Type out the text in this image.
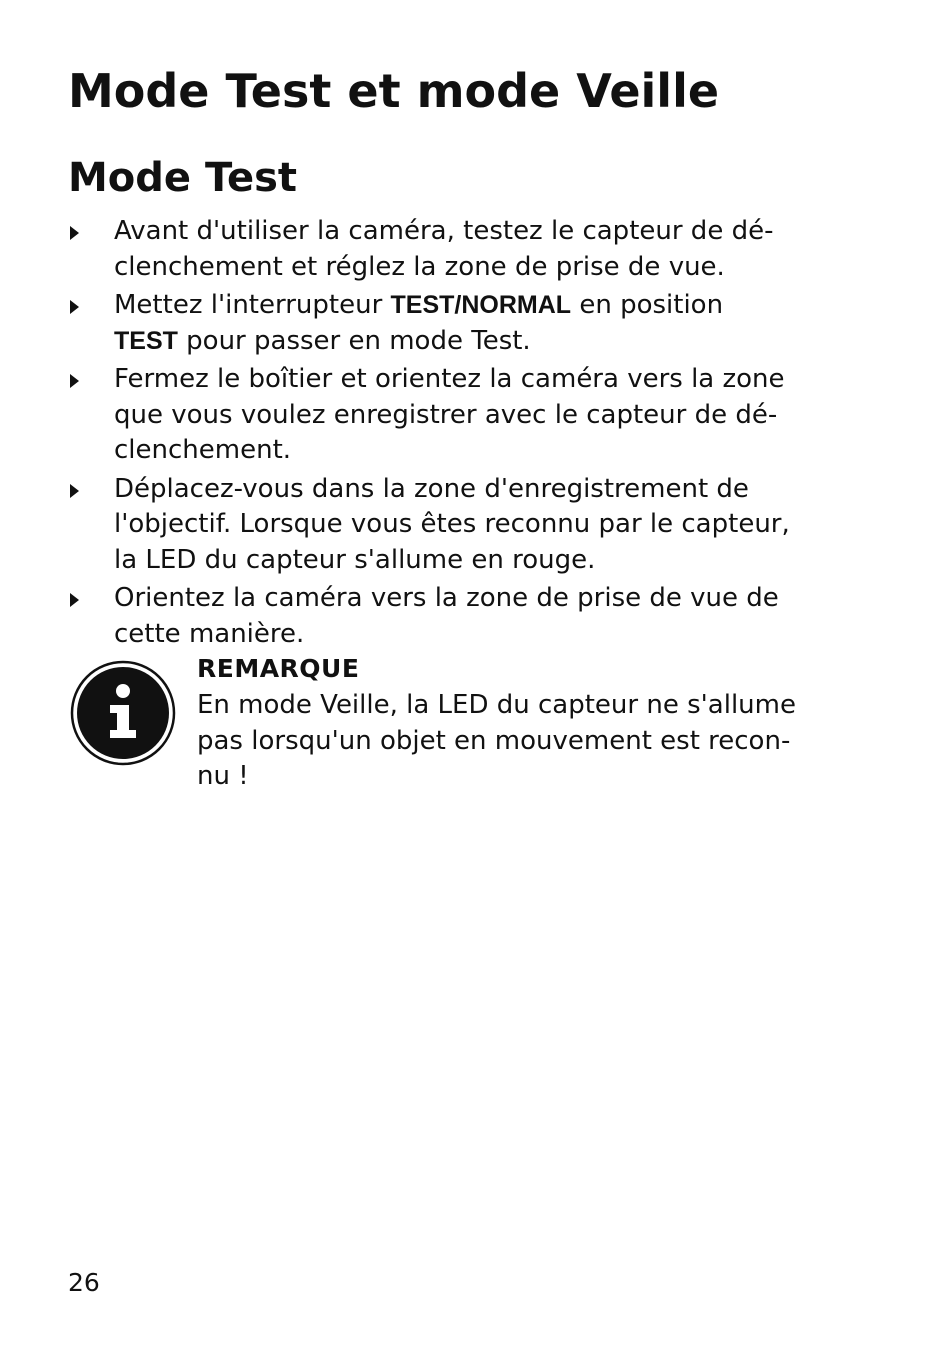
Mode Test et mode Veille
Mode Test
Avant d'utiliser la caméra, testez le capteur de dé-clenchement et réglez la zone de prise de vue.
Mettez l'interrupteur TEST/NORMAL en position
TEST pour passer en mode Test.
Fermez le boîtier et orientez la caméra vers la zone que vous voulez enregistrer avec le capteur de dé-clenchement.
Déplacez-vous dans la zone d'enregistrement de l'objectif. Lorsque vous êtes reconnu par le capteur, la LED du capteur s'allume en rouge.
Orientez la caméra vers la zone de prise de vue de cette manière.

REMARQUE

En mode Veille, la LED du capteur ne s'allume pas lorsqu'un objet en mouvement est recon-nu !

26
